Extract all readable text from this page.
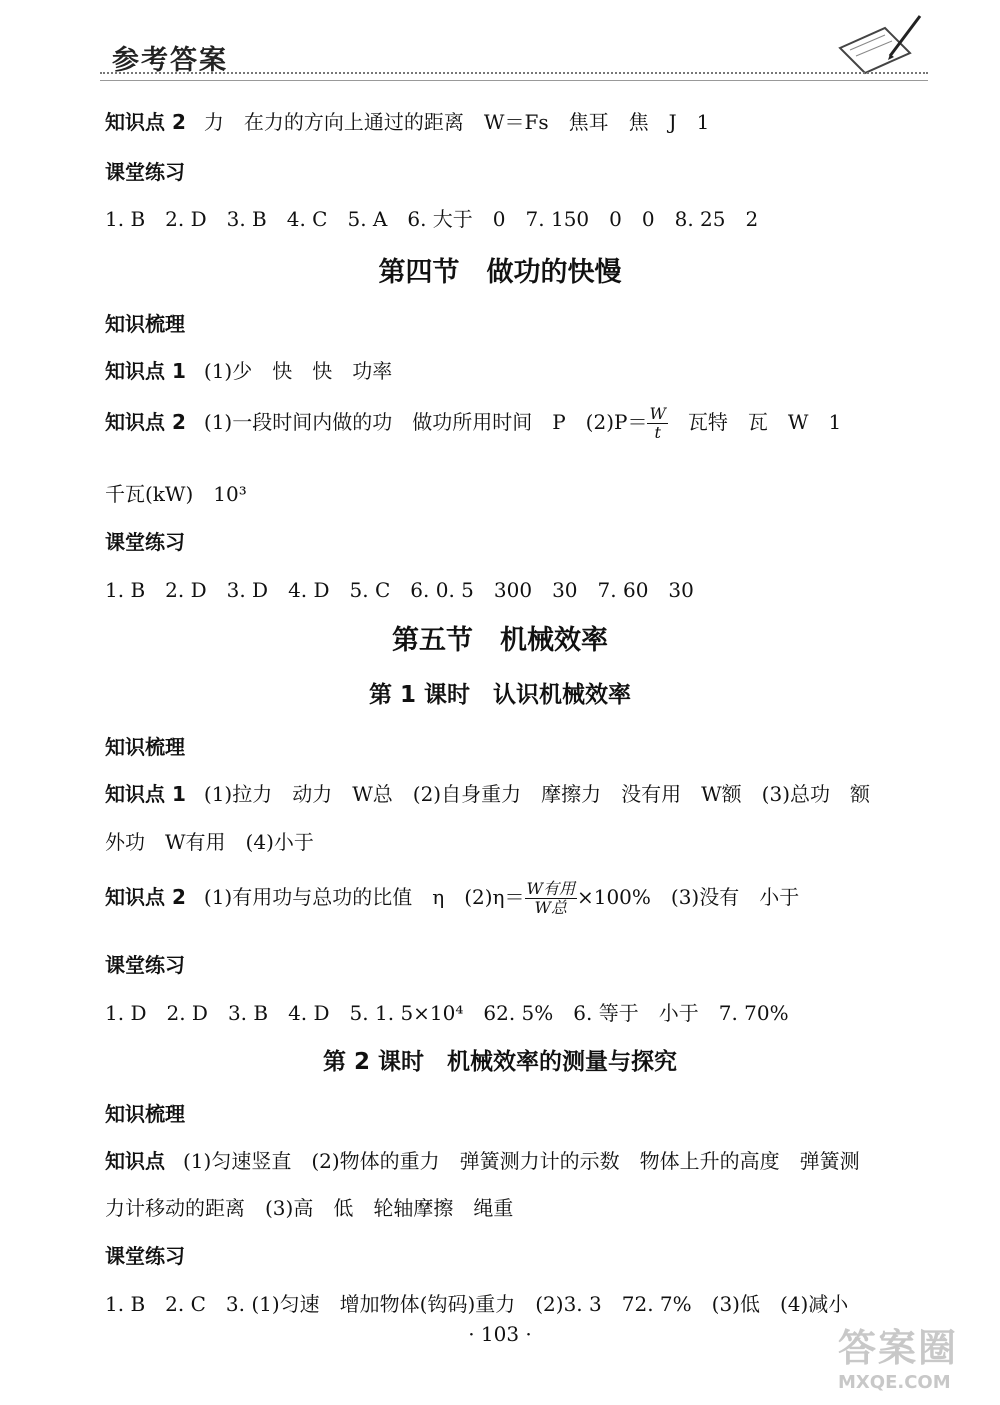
参考答案
知识点 2 力　在力的方向上通过的距离　W＝Fs　焦耳　焦　J　1
课堂练习
1. B　2. D　3. B　4. C　5. A　6. 大于　0　7. 150　0　0　8. 25　2
第四节　做功的快慢
知识梳理
知识点 1 (1)少　快　快　功率
知识点 2 (1)一段时间内做的功　做功所用时间　P　$(2)P= \frac{W}{t}$ 　瓦特　瓦　W　1
千瓦(kW)　10³
课堂练习
1. B　2. D　3. D　4. D　5. C　6. 0. 5　300　30　7. 60　30
第五节　机械效率
第 1 课时　认识机械效率
知识梳理
知识点 1 (1)拉力　动力　W总　(2)自身重力　摩擦力　没有用　W额　(3)总功　额
外功　W有用　(4)小于
知识点 2 (1)有用功与总功的比值　η　$(2)\eta= \frac{\text{W有用}}{\text{W总}} \times 100\%$　(3)没有　小于
课堂练习
1. D　2. D　3. B　4. D　5. 1. 5×10⁴　62. 5%　6. 等于　小于　7. 70%
第 2 课时　机械效率的测量与探究
知识梳理
知识点 (1)匀速竖直　(2)物体的重力　弹簧测力计的示数　物体上升的高度　弹簧测
力计移动的距离　(3)高　低　轮轴摩擦　绳重
课堂练习
1. B　2. C　3. (1)匀速　增加物体(钩码)重力　(2)3. 3　72. 7%　(3)低　(4)减小
· 103 ·	答案圈
MXQE.COM
